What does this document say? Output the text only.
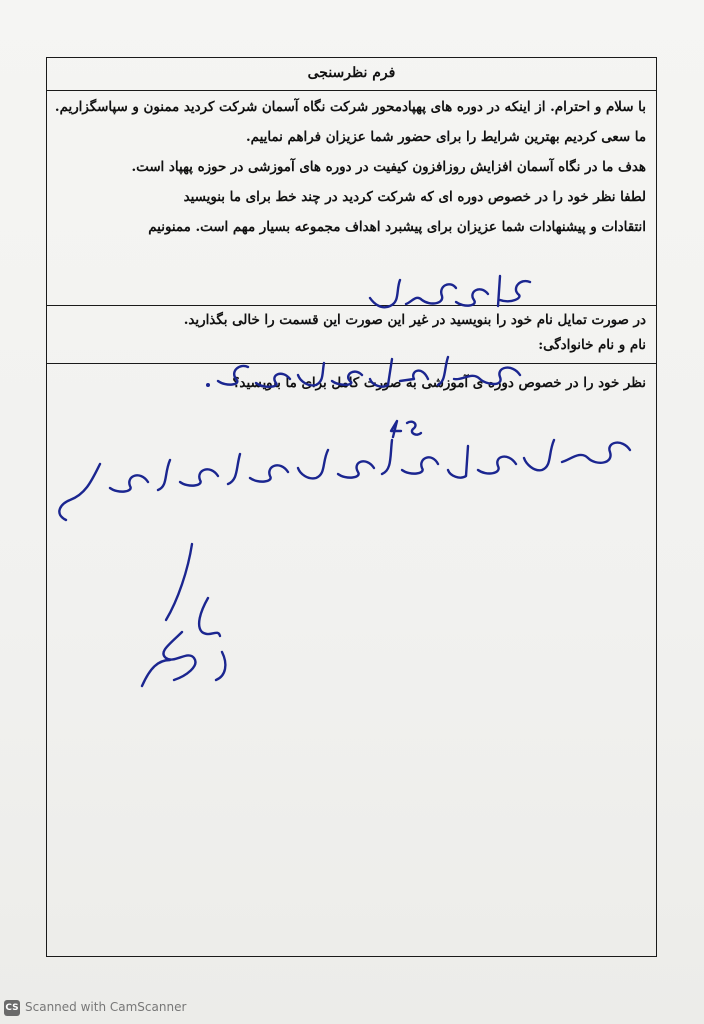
فرم نظرسنجی
با سلام و احترام. از اینکه در دوره های پهپادمحور شرکت نگاه آسمان شرکت کردید ممنون و سپاسگزاریم.
ما سعی کردیم بهترین شرایط را برای حضور شما عزیزان فراهم نماییم.
هدف ما در نگاه آسمان افزایش روزافزون کیفیت در دوره های آموزشی در حوزه پهپاد است.
لطفا نظر خود را در خصوص دوره ای که شرکت کردید در چند خط برای ما بنویسید
انتقادات و پیشنهادات شما عزیزان برای پیشبرد اهداف مجموعه بسیار مهم است. ممنونیم
در صورت تمایل نام خود را بنویسید در غیر این صورت این قسمت را خالی بگذارید.
نام و نام خانوادگی:
نظر خود را در خصوص دوره ی آموزشی به صورت کامل برای ما بنویسید؟
CS Scanned with CamScanner
